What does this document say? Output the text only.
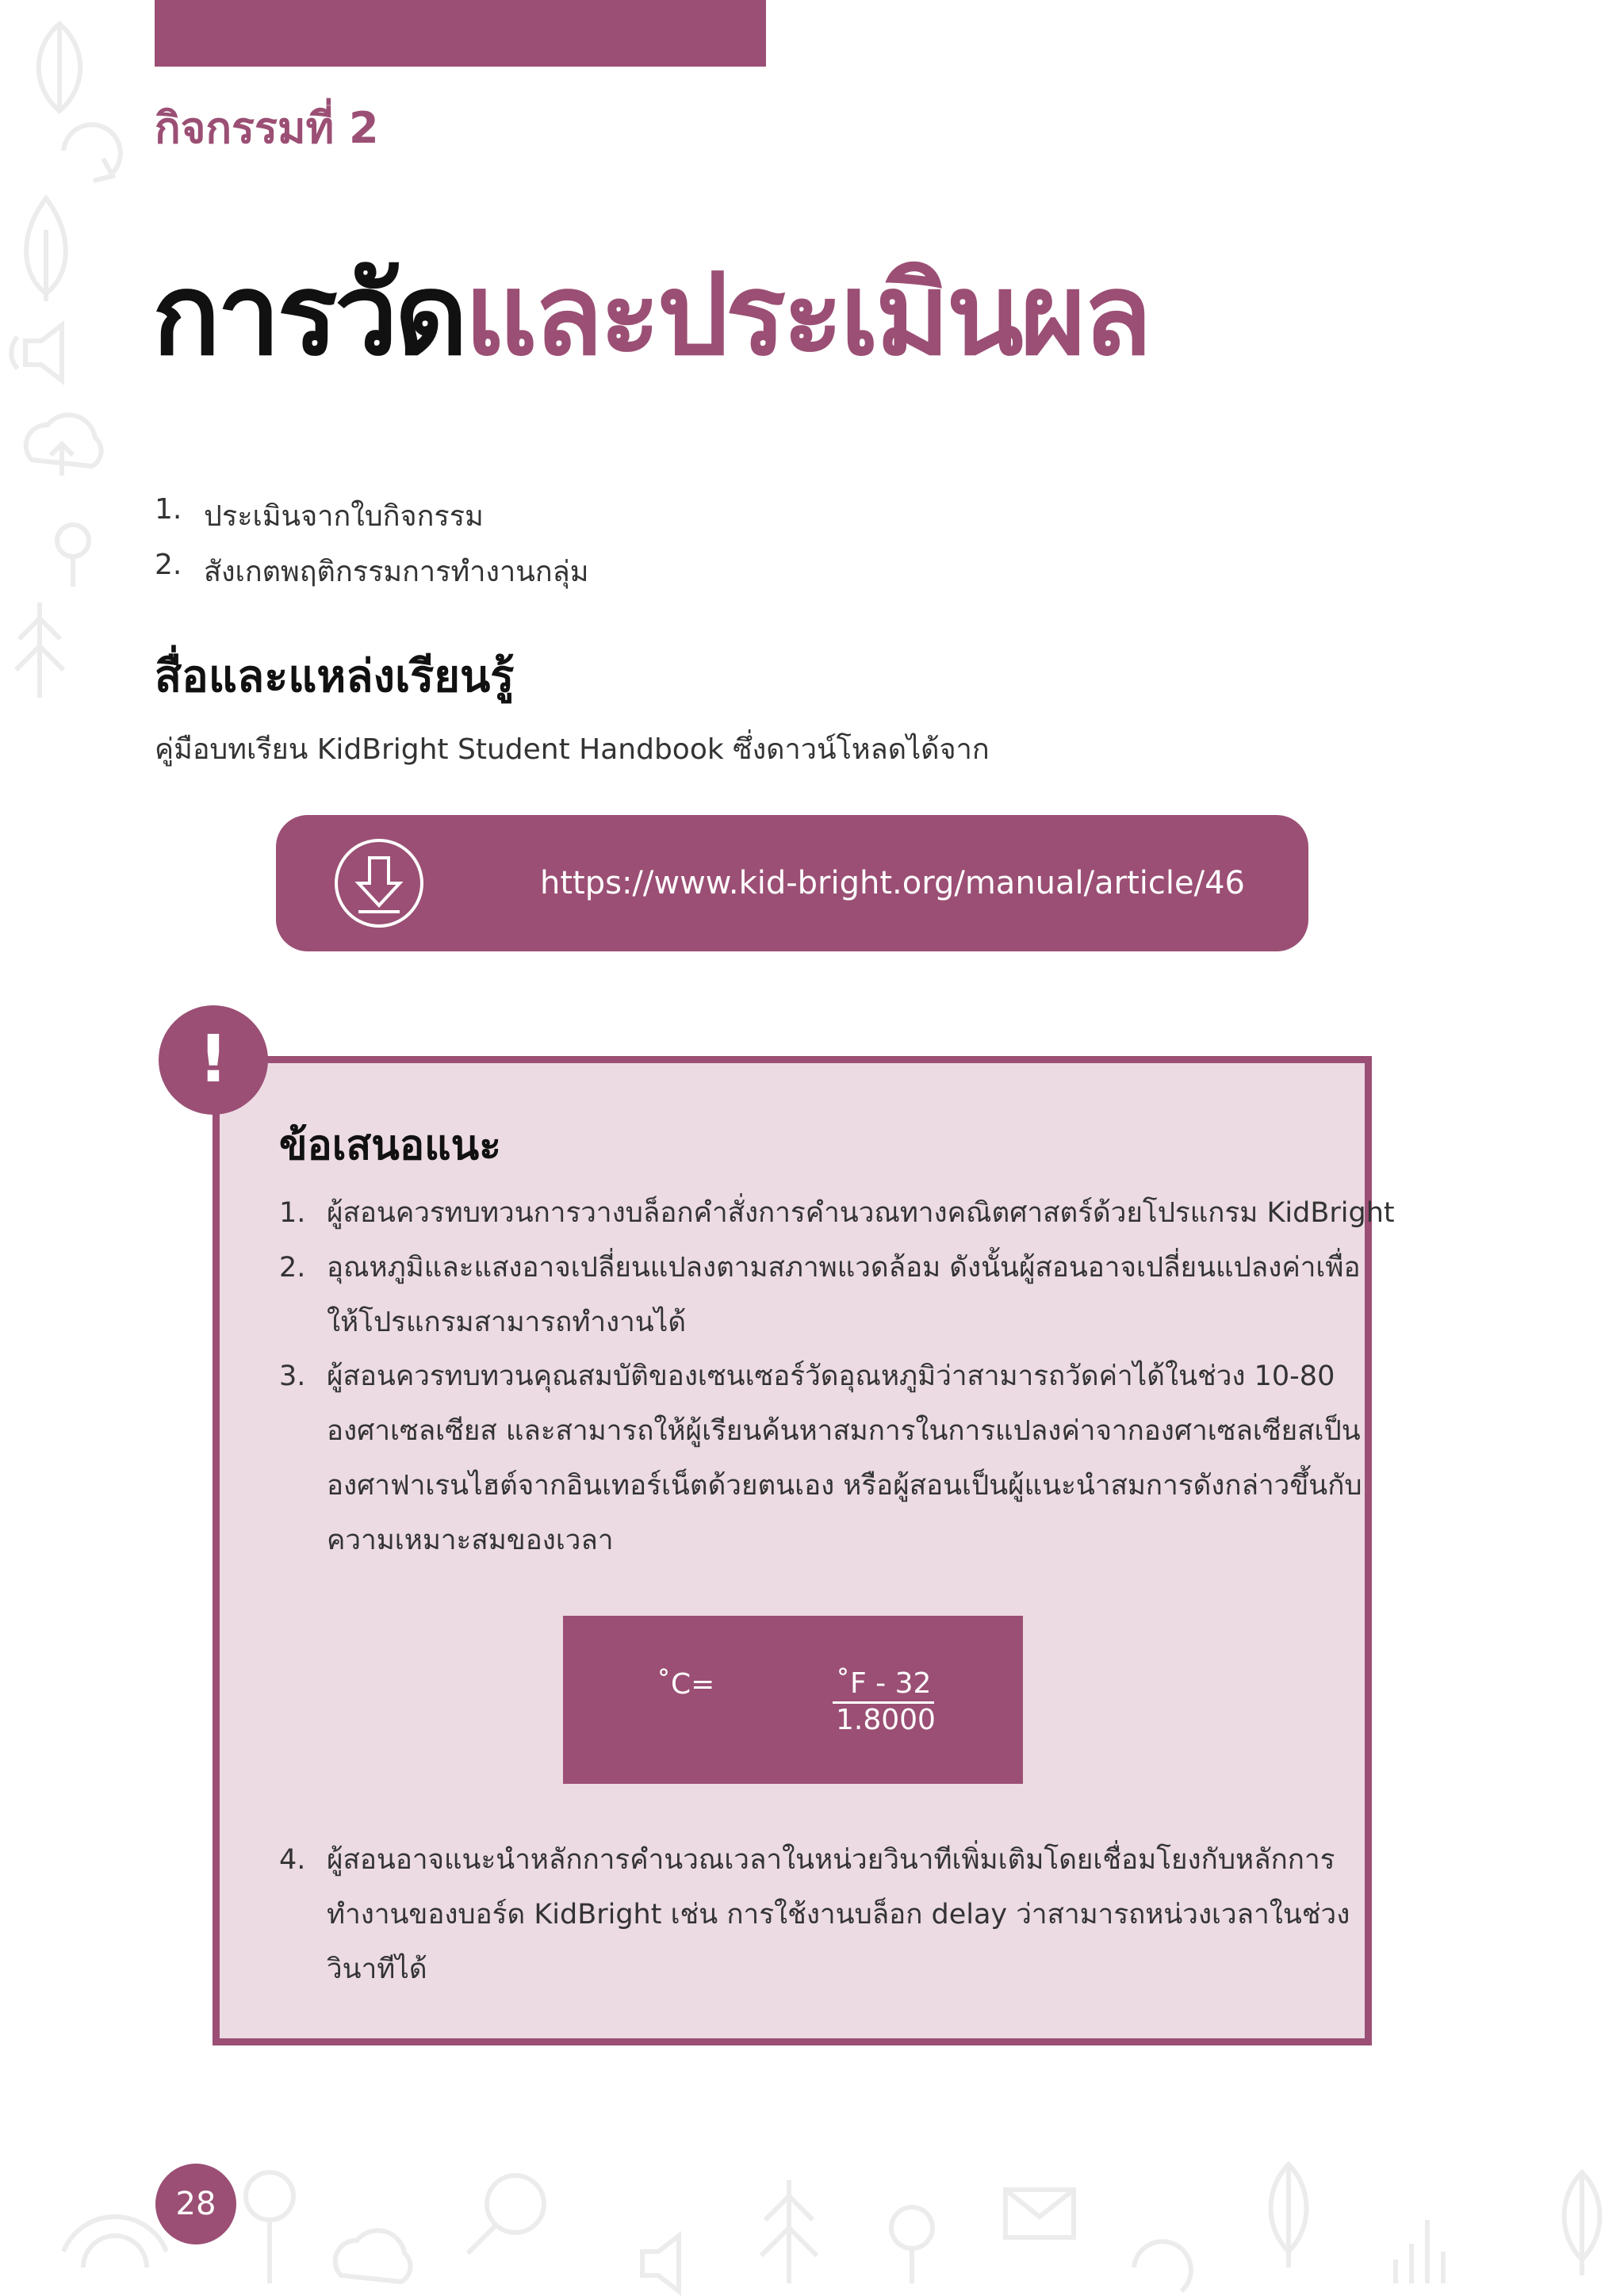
กิจกรรมที่ 2
การวัดและประเมินผล
1. ประเมินจากใบกิจกรรม
2. สังเกตพฤติกรรมการทำงานกลุ่ม
สื่อและแหล่งเรียนรู้
คู่มือบทเรียน KidBright Student Handbook ซึ่งดาวน์โหลดได้จาก
https://www.kid-bright.org/manual/article/46
!
ข้อเสนอแนะ
1. ผู้สอนควรทบทวนการวางบล็อกคำสั่งการคำนวณทางคณิตศาสตร์ด้วยโปรแกรม KidBright
2. อุณหภูมิและแสงอาจเปลี่ยนแปลงตามสภาพแวดล้อม ดังนั้นผู้สอนอาจเปลี่ยนแปลงค่าเพื่อ
ให้โปรแกรมสามารถทำงานได้
3. ผู้สอนควรทบทวนคุณสมบัติของเซนเซอร์วัดอุณหภูมิว่าสามารถวัดค่าได้ในช่วง 10-80
องศาเซลเซียส และสามารถให้ผู้เรียนค้นหาสมการในการแปลงค่าจากองศาเซลเซียสเป็น
องศาฟาเรนไฮต์จากอินเทอร์เน็ตด้วยตนเอง หรือผู้สอนเป็นผู้แนะนำสมการดังกล่าวขึ้นกับ
ความเหมาะสมของเวลา
˚C=	˚F - 32
1.8000
4. ผู้สอนอาจแนะนำหลักการคำนวณเวลาในหน่วยวินาทีเพิ่มเติมโดยเชื่อมโยงกับหลักการ
ทำงานของบอร์ด KidBright เช่น การใช้งานบล็อก delay ว่าสามารถหน่วงเวลาในช่วง
วินาทีได้
28
